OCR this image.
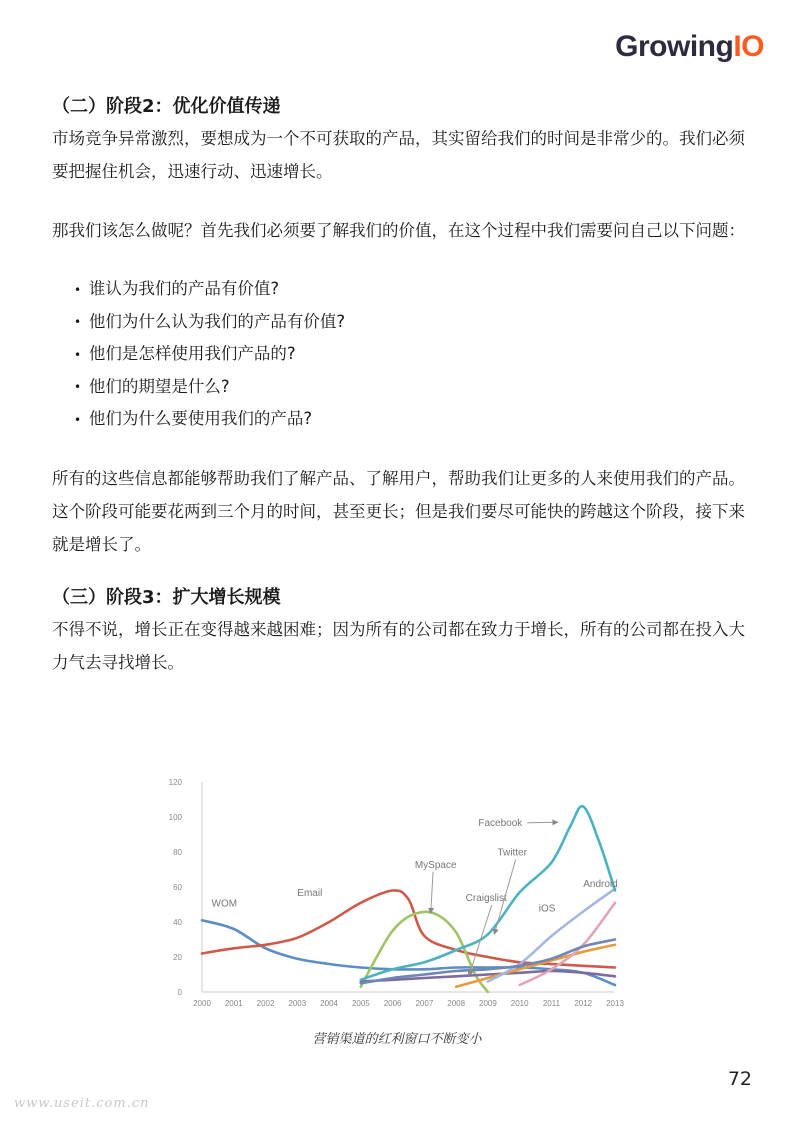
GrowingIO

（二）阶段2：优化价值传递

市场竞争异常激烈，要想成为一个不可获取的产品，其实留给我们的时间是非常少的。我们必须要把握住机会，迅速行动、迅速增长。

那我们该怎么做呢？首先我们必须要了解我们的价值，在这个过程中我们需要问自己以下问题：

• 谁认为我们的产品有价值?
• 他们为什么认为我们的产品有价值?
• 他们是怎样使用我们产品的?
• 他们的期望是什么?
• 他们为什么要使用我们的产品?

所有的这些信息都能够帮助我们了解产品、了解用户，帮助我们让更多的人来使用我们的产品。这个阶段可能要花两到三个月的时间，甚至更长；但是我们要尽可能快的跨越这个阶段，接下来就是增长了。

（三）阶段3：扩大增长规模

不得不说，增长正在变得越来越困难；因为所有的公司都在致力于增长，所有的公司都在投入大力气去寻找增长。

0
20
40
60
80
100
120
2000 2001 2002 2003 2004 2005 2006 2007 2008 2009 2010 2011 2012 2013
WOM
Email
MySpace
Craigslist
Twitter
Facebook
Android
iOS
营销渠道的红利窗口不断变小
72
www.useit.com.cn
